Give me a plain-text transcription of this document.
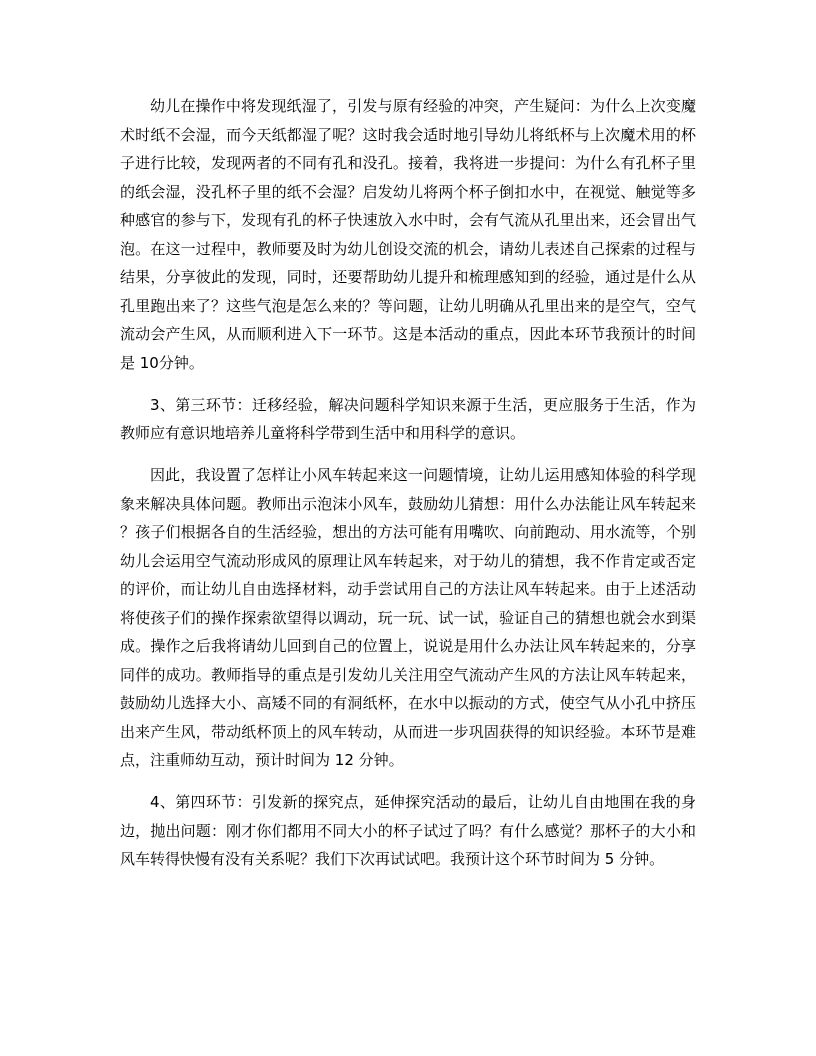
幼儿在操作中将发现纸湿了，引发与原有经验的冲突，产生疑问：为什么上次变魔术时纸不会湿，而今天纸都湿了呢？这时我会适时地引导幼儿将纸杯与上次魔术用的杯子进行比较，发现两者的不同有孔和没孔。接着，我将进一步提问：为什么有孔杯子里的纸会湿，没孔杯子里的纸不会湿？启发幼儿将两个杯子倒扣水中，在视觉、触觉等多种感官的参与下，发现有孔的杯子快速放入水中时，会有气流从孔里出来，还会冒出气泡。在这一过程中，教师要及时为幼儿创设交流的机会，请幼儿表述自己探索的过程与结果，分享彼此的发现，同时，还要帮助幼儿提升和梳理感知到的经验，通过是什么从孔里跑出来了？这些气泡是怎么来的？等问题，让幼儿明确从孔里出来的是空气，空气流动会产生风，从而顺利进入下一环节。这是本活动的重点，因此本环节我预计的时间是 10分钟。

3、第三环节：迁移经验，解决问题科学知识来源于生活，更应服务于生活，作为教师应有意识地培养儿童将科学带到生活中和用科学的意识。

因此，我设置了怎样让小风车转起来这一问题情境，让幼儿运用感知体验的科学现象来解决具体问题。教师出示泡沫小风车，鼓励幼儿猜想：用什么办法能让风车转起来？孩子们根据各自的生活经验，想出的方法可能有用嘴吹、向前跑动、用水流等，个别幼儿会运用空气流动形成风的原理让风车转起来，对于幼儿的猜想，我不作肯定或否定的评价，而让幼儿自由选择材料，动手尝试用自己的方法让风车转起来。由于上述活动将使孩子们的操作探索欲望得以调动，玩一玩、试一试，验证自己的猜想也就会水到渠成。操作之后我将请幼儿回到自己的位置上，说说是用什么办法让风车转起来的，分享同伴的成功。教师指导的重点是引发幼儿关注用空气流动产生风的方法让风车转起来，鼓励幼儿选择大小、高矮不同的有洞纸杯，在水中以振动的方式，使空气从小孔中挤压出来产生风，带动纸杯顶上的风车转动，从而进一步巩固获得的知识经验。本环节是难点，注重师幼互动，预计时间为 12 分钟。

4、第四环节：引发新的探究点，延伸探究活动的最后，让幼儿自由地围在我的身边，抛出问题：刚才你们都用不同大小的杯子试过了吗？有什么感觉？那杯子的大小和风车转得快慢有没有关系呢？我们下次再试试吧。我预计这个环节时间为 5 分钟。
